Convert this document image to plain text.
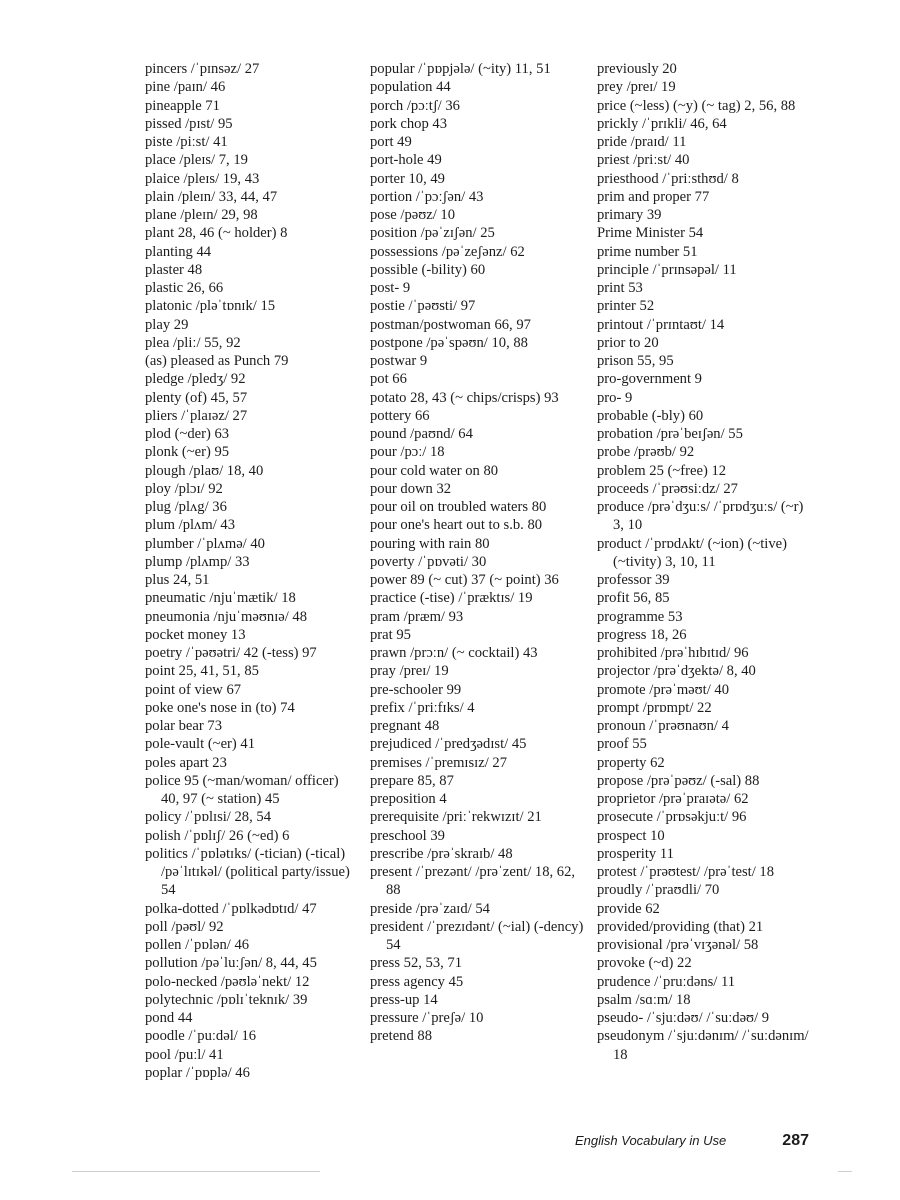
pincers /ˈpɪnsəz/ 27
pine /paɪn/ 46
pineapple 71
pissed /pɪst/ 95
piste /piːst/ 41
place /pleɪs/ 7, 19
plaice /pleɪs/ 19, 43
plain /pleɪn/ 33, 44, 47
plane /pleɪn/ 29, 98
plant 28, 46 (~ holder) 8
planting 44
plaster 48
plastic 26, 66
platonic /pləˈtɒnɪk/ 15
play 29
plea /pliː/ 55, 92
(as) pleased as Punch 79
pledge /pledʒ/ 92
plenty (of) 45, 57
pliers /ˈplaɪəz/ 27
plod (~der) 63
plonk (~er) 95
plough /plaʊ/ 18, 40
ploy /plɔɪ/ 92
plug /plʌg/ 36
plum /plʌm/ 43
plumber /ˈplʌmə/ 40
plump /plʌmp/ 33
plus 24, 51
pneumatic /njuˈmætik/ 18
pneumonia /njuˈməʊnɪə/ 48
pocket money 13
poetry /ˈpəʊətri/ 42 (-tess) 97
point 25, 41, 51, 85
point of view 67
poke one's nose in (to) 74
polar bear 73
pole-vault (~er) 41
poles apart 23
police 95 (~man/woman/ officer) 40, 97 (~ station) 45
policy /ˈpɒlɪsi/ 28, 54
polish /ˈpɒlɪʃ/ 26 (~ed) 6
politics /ˈpɒlətɪks/ (-tician) (-tical) /pəˈlɪtɪkəl/ (political party/issue) 54
polka-dotted /ˈpɒlkədɒtɪd/ 47
poll /pəʊl/ 92
pollen /ˈpɒlən/ 46
pollution /pəˈluːʃən/ 8, 44, 45
polo-necked /pəʊləˈnekt/ 12
polytechnic /pɒlɪˈteknɪk/ 39
pond 44
poodle /ˈpuːdəl/ 16
pool /puːl/ 41
poplar /ˈpɒplə/ 46
popular /ˈpɒpjələ/ (~ity) 11, 51
population 44
porch /pɔːtʃ/ 36
pork chop 43
port 49
port-hole 49
porter 10, 49
portion /ˈpɔːʃən/ 43
pose /pəʊz/ 10
position /pəˈzɪʃən/ 25
possessions /pəˈzeʃənz/ 62
possible (-bility) 60
post- 9
postie /ˈpəʊsti/ 97
postman/postwoman 66, 97
postpone /pəˈspəʊn/ 10, 88
postwar 9
pot 66
potato 28, 43 (~ chips/crisps) 93
pottery 66
pound /paʊnd/ 64
pour /pɔː/ 18
pour cold water on 80
pour down 32
pour oil on troubled waters 80
pour one's heart out to s.b. 80
pouring with rain 80
poverty /ˈpɒvəti/ 30
power 89 (~ cut) 37 (~ point) 36
practice (-tise) /ˈpræktɪs/ 19
pram /præm/ 93
prat 95
prawn /prɔːn/ (~ cocktail) 43
pray /preɪ/ 19
pre-schooler 99
prefix /ˈpriːfɪks/ 4
pregnant 48
prejudiced /ˈpredʒədɪst/ 45
premises /ˈpremɪsɪz/ 27
prepare 85, 87
preposition 4
prerequisite /priːˈrekwɪzɪt/ 21
preschool 39
prescribe /prəˈskraɪb/ 48
present /ˈprezənt/ /prəˈzent/ 18, 62, 88
preside /prəˈzaɪd/ 54
president /ˈprezɪdənt/ (~ial) (-dency) 54
press 52, 53, 71
press agency 45
press-up 14
pressure /ˈpreʃə/ 10
pretend 88
previously 20
prey /preɪ/ 19
price (~less) (~y) (~ tag) 2, 56, 88
prickly /ˈprɪkli/ 46, 64
pride /praɪd/ 11
priest /priːst/ 40
priesthood /ˈpriːsthʊd/ 8
prim and proper 77
primary 39
Prime Minister 54
prime number 51
principle /ˈprɪnsəpəl/ 11
print 53
printer 52
printout /ˈprɪntaʊt/ 14
prior to 20
prison 55, 95
pro-government 9
pro- 9
probable (-bly) 60
probation /prəˈbeɪʃən/ 55
probe /prəʊb/ 92
problem 25 (~free) 12
proceeds /ˈprəʊsiːdz/ 27
produce /prəˈdʒuːs/ /ˈprɒdʒuːs/ (~r) 3, 10
product /ˈprɒdʌkt/ (~ion) (~tive) (~tivity) 3, 10, 11
professor 39
profit 56, 85
programme 53
progress 18, 26
prohibited /prəˈhɪbɪtɪd/ 96
projector /prəˈdʒektə/ 8, 40
promote /prəˈməʊt/ 40
prompt /prɒmpt/ 22
pronoun /ˈprəʊnaʊn/ 4
proof 55
property 62
propose /prəˈpəʊz/ (-sal) 88
proprietor /prəˈpraɪətə/ 62
prosecute /ˈprɒsəkjuːt/ 96
prospect 10
prosperity 11
protest /ˈprəʊtest/ /prəˈtest/ 18
proudly /ˈpraʊdli/ 70
provide 62
provided/providing (that) 21
provisional /prəˈvɪʒənəl/ 58
provoke (~d) 22
prudence /ˈpruːdəns/ 11
psalm /sɑːm/ 18
pseudo- /ˈsjuːdəʊ/ /ˈsuːdəʊ/ 9
pseudonym /ˈsjuːdənɪm/ /ˈsuːdənɪm/ 18
English Vocabulary in Use	287
